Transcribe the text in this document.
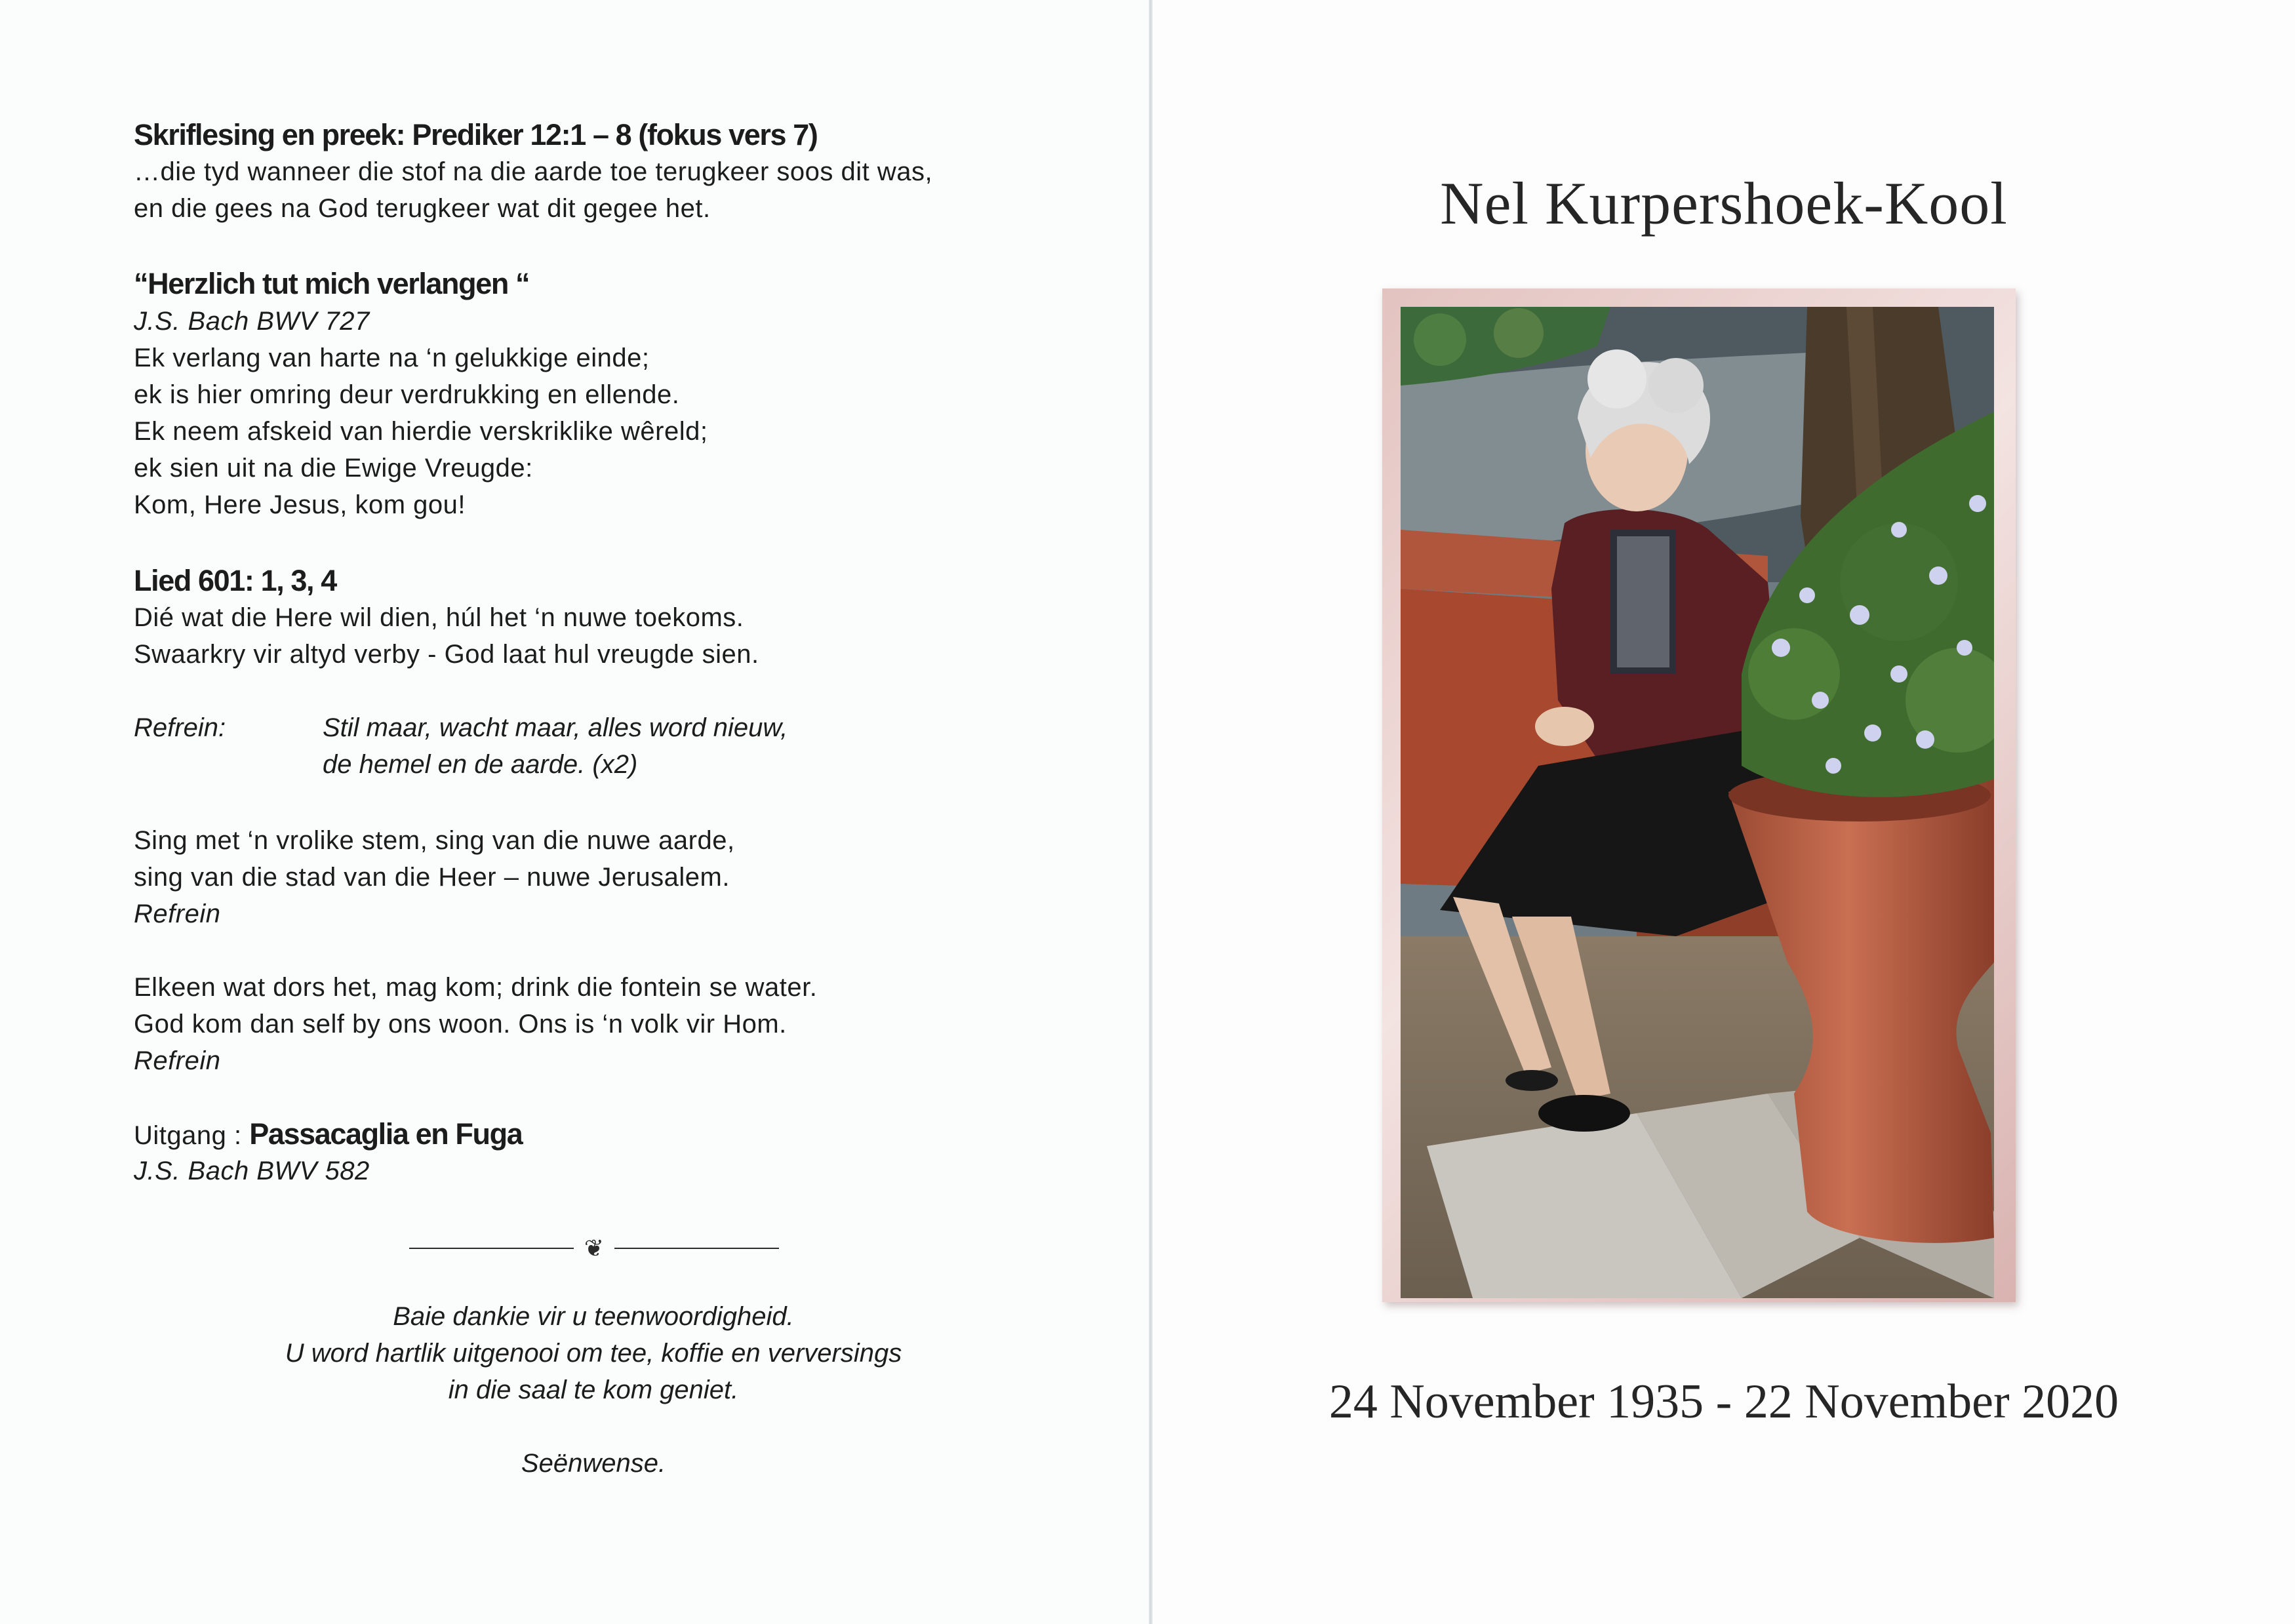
Skriflesing en preek: Prediker 12:1 – 8 (fokus vers 7)
…die tyd wanneer die stof na die aarde toe terugkeer soos dit was,
en die gees na God terugkeer wat dit gegee het.
“Herzlich tut mich verlangen “
J.S. Bach BWV 727
Ek verlang van harte na ‘n gelukkige einde;
ek is hier omring deur verdrukking en ellende.
Ek neem afskeid van hierdie verskriklike wêreld;
ek sien uit na die Ewige Vreugde:
Kom, Here Jesus, kom gou!
Lied 601: 1, 3, 4
Dié wat die Here wil dien, húl het ‘n nuwe toekoms.
Swaarkry vir altyd verby - God laat hul vreugde sien.
Refrein:	Stil maar, wacht maar, alles word nieuw,
de hemel en de aarde. (x2)
Sing met ‘n vrolike stem, sing van die nuwe aarde,
sing van die stad van die Heer – nuwe Jerusalem.
Refrein
Elkeen wat dors het, mag kom; drink die fontein se water.
God kom dan self by ons woon. Ons is ‘n volk vir Hom.
Refrein
Uitgang : Passacaglia en Fuga
J.S. Bach BWV 582
❦
Baie dankie vir u teenwoordigheid.
U word hartlik uitgenooi om tee, koffie en verversings
in die saal te kom geniet.
Seënwense.
Nel Kurpershoek-Kool
24 November 1935 - 22 November 2020
